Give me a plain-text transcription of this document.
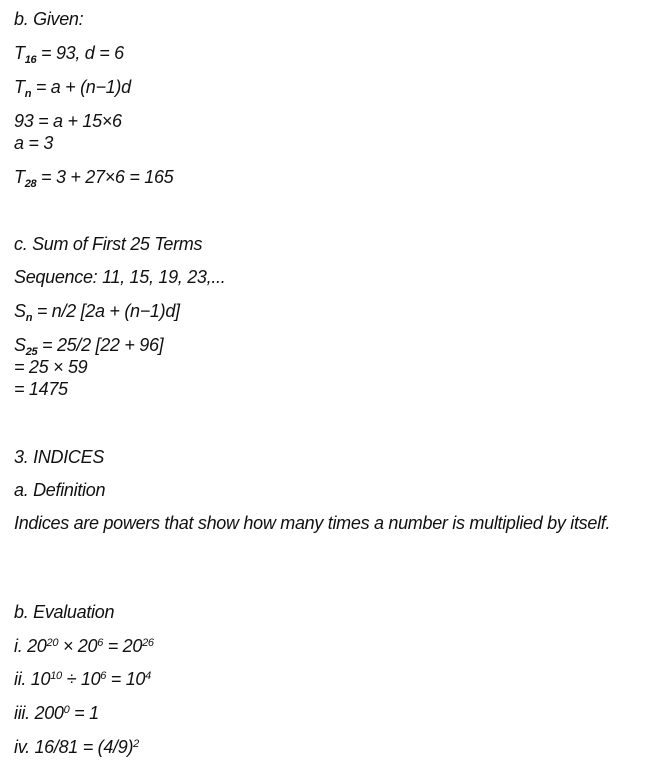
b. Given:
$T_{16} = 93$, d = 6
$T_n = a + (n-1)d$
93 = a + 15×6
a = 3
$T_{28} = 3 + 27\times 6 = 165$
c. Sum of First 25 Terms
Sequence: 11, 15, 19, 23,...
$S_n = n/2$ [2a + (n−1)d]
$S_{25} = 25/2$ [22 + 96]
= 25 × 59
= 1475
3. INDICES
a. Definition
Indices are powers that show how many times a number is multiplied by itself.
b. Evaluation
i. $20^{20} \times 20^6 = 20^{26}$
ii. $10^{10} \div 10^6 = 10^4$
iii. $200^0 = 1$
iv. $16/81 = (4/9)^2$
